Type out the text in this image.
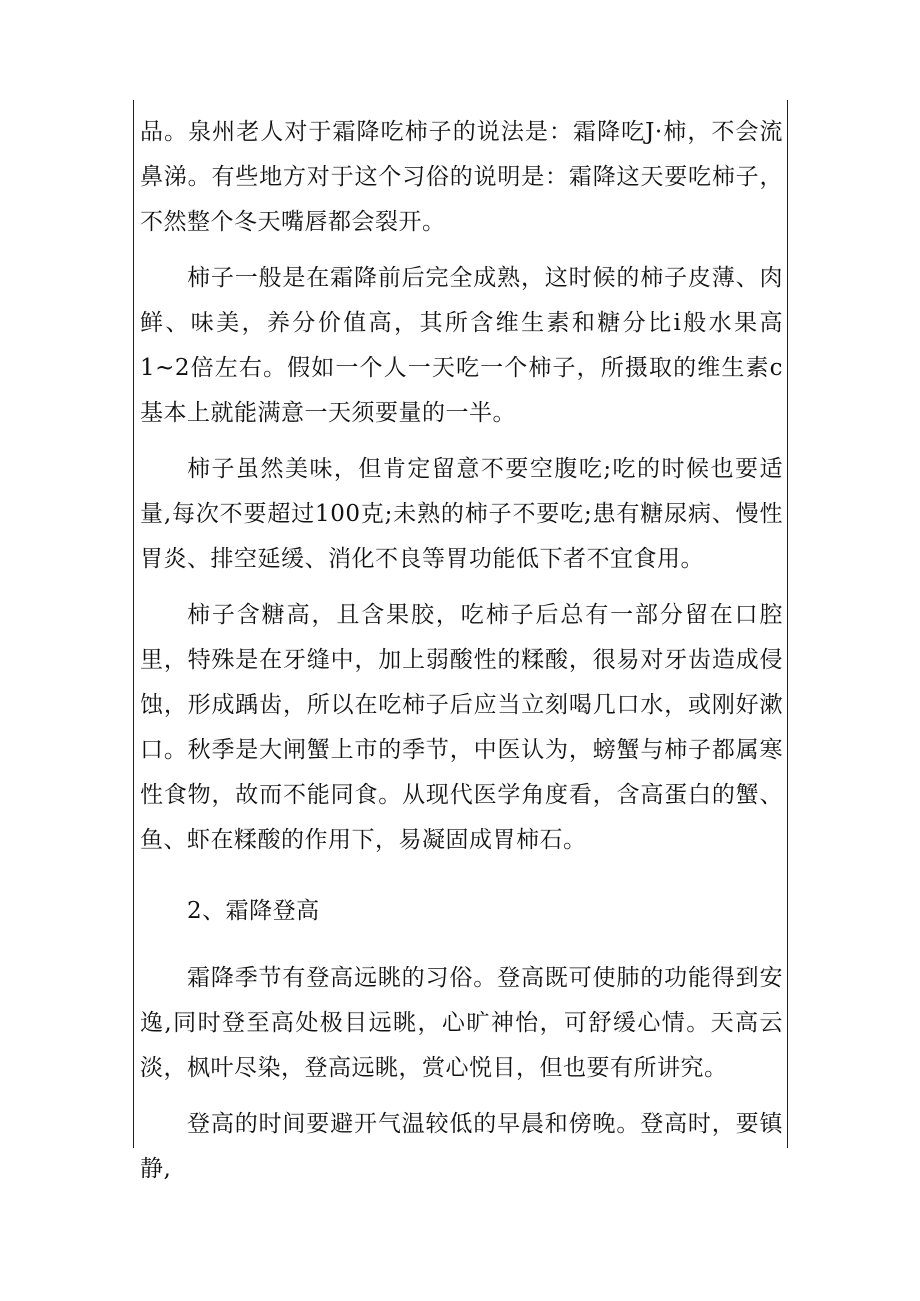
品。泉州老人对于霜降吃柿子的说法是：霜降吃J·柿，不会流鼻涕。有些地方对于这个习俗的说明是：霜降这天要吃柿子，不然整个冬天嘴唇都会裂开。

柿子一般是在霜降前后完全成熟，这时候的柿子皮薄、肉鲜、味美，养分价值高，其所含维生素和糖分比i般水果高1~2倍左右。假如一个人一天吃一个柿子，所摄取的维生素c基本上就能满意一天须要量的一半。

柿子虽然美味，但肯定留意不要空腹吃;吃的时候也要适量,每次不要超过100克;未熟的柿子不要吃;患有糖尿病、慢性胃炎、排空延缓、消化不良等胃功能低下者不宜食用。

柿子含糖高，且含果胶，吃柿子后总有一部分留在口腔里，特殊是在牙缝中，加上弱酸性的糅酸，很易对牙齿造成侵蚀，形成踽齿，所以在吃柿子后应当立刻喝几口水，或刚好漱口。秋季是大闸蟹上市的季节，中医认为，螃蟹与柿子都属寒性食物，故而不能同食。从现代医学角度看，含高蛋白的蟹、鱼、虾在糅酸的作用下，易凝固成胃柿石。

2、霜降登高

霜降季节有登高远眺的习俗。登高既可使肺的功能得到安逸,同时登至高处极目远眺，心旷神怡，可舒缓心情。天高云淡，枫叶尽染，登高远眺，赏心悦目，但也要有所讲究。

登高的时间要避开气温较低的早晨和傍晚。登高时，要镇静,
